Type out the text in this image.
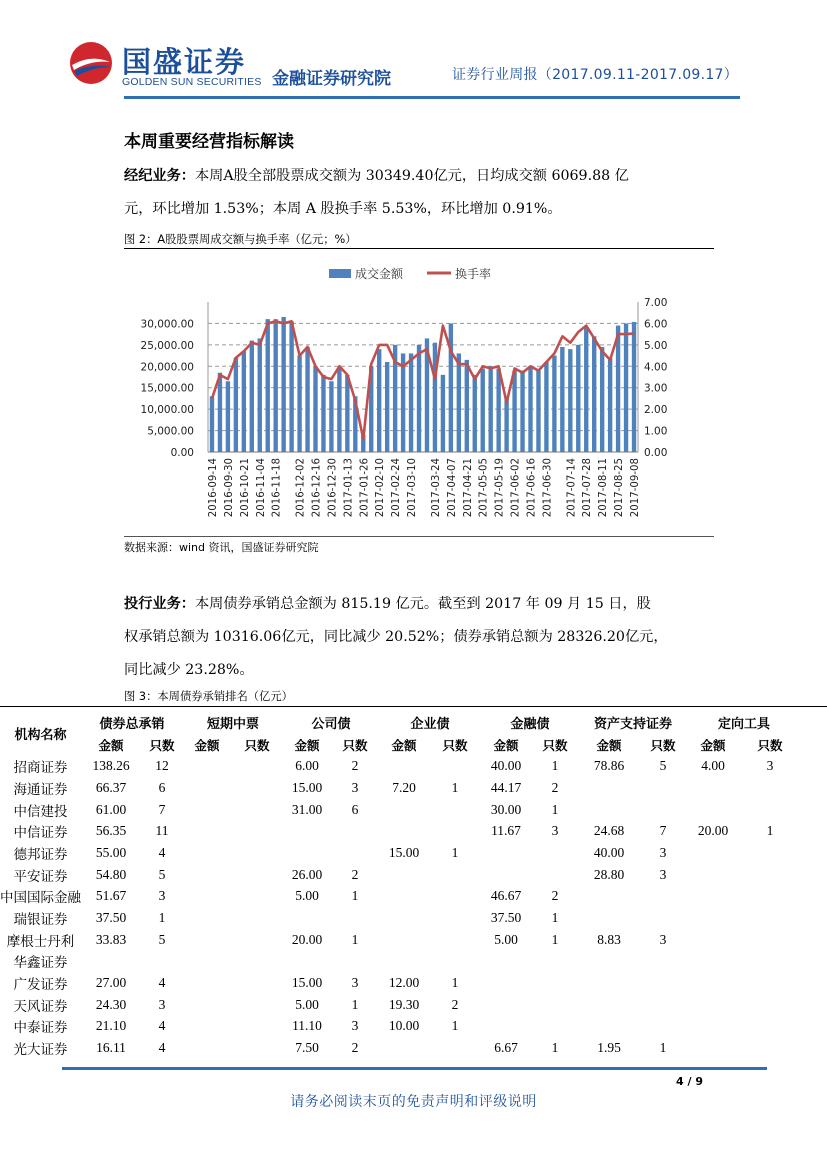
国盛证券
GOLDEN SUN SECURITIES 金融证券研究院	证券行业周报（2017.09.11-2017.09.17）
本周重要经营指标解读
经纪业务：本周A股全部股票成交额为 30349.40亿元，日均成交额 6069.88 亿
元，环比增加 1.53%；本周 A 股换手率 5.53%，环比增加 0.91%。
图 2：A股股票周成交额与换手率（亿元；%）
成交金额	换手率
0.00
5,000.00
10,000.00
15,000.00
20,000.00
25,000.00
30,000.00
0.00
1.00
2.00
3.00
4.00
5.00
6.00
7.00
2016-09-14 2016-09-30 2016-10-21 2016-11-04 2016-11-18 2016-12-02 2016-12-16 2016-12-30 2017-01-13 2017-01-26 2017-02-10 2017-02-24 2017-03-10 2017-03-24 2017-04-07 2017-04-21 2017-05-05 2017-05-19 2017-06-02 2017-06-16 2017-06-30 2017-07-14 2017-07-28 2017-08-11 2017-08-25 2017-09-08
数据来源：wind 资讯，国盛证券研究院
投行业务：本周债券承销总金额为 815.19 亿元。截至到 2017 年 09 月 15 日，股
权承销总额为 10316.06亿元，同比减少 20.52%；债券承销总额为 28326.20亿元，
同比减少 23.28%。
图 3：本周债券承销排名（亿元）
机构名称	债券总承销		短期中票		公司债		企业债		金融债		资产支持证券		定向工具	
	金额	只数	金额	只数	金额	只数	金额	只数	金额	只数	金额	只数	金额	只数
招商证券	138.26	12			6.00	2			40.00	1	78.86	5	4.00	3
海通证券	66.37	6			15.00	3	7.20	1	44.17	2				
中信建投	61.00	7			31.00	6			30.00	1				
中信证券	56.35	11							11.67	3	24.68	7	20.00	1
德邦证券	55.00	4					15.00	1			40.00	3		
平安证券	54.80	5			26.00	2					28.80	3		
中国国际金融	51.67	3			5.00	1			46.67	2				
瑞银证券	37.50	1							37.50	1				
摩根士丹利	33.83	5			20.00	1			5.00	1	8.83	3		
华鑫证券														
广发证券	27.00	4			15.00	3	12.00	1						
天风证券	24.30	3			5.00	1	19.30	2						
中泰证券	21.10	4			11.10	3	10.00	1						
光大证券	16.11	4			7.50	2			6.67	1	1.95	1		
4 / 9
请务必阅读末页的免责声明和评级说明
